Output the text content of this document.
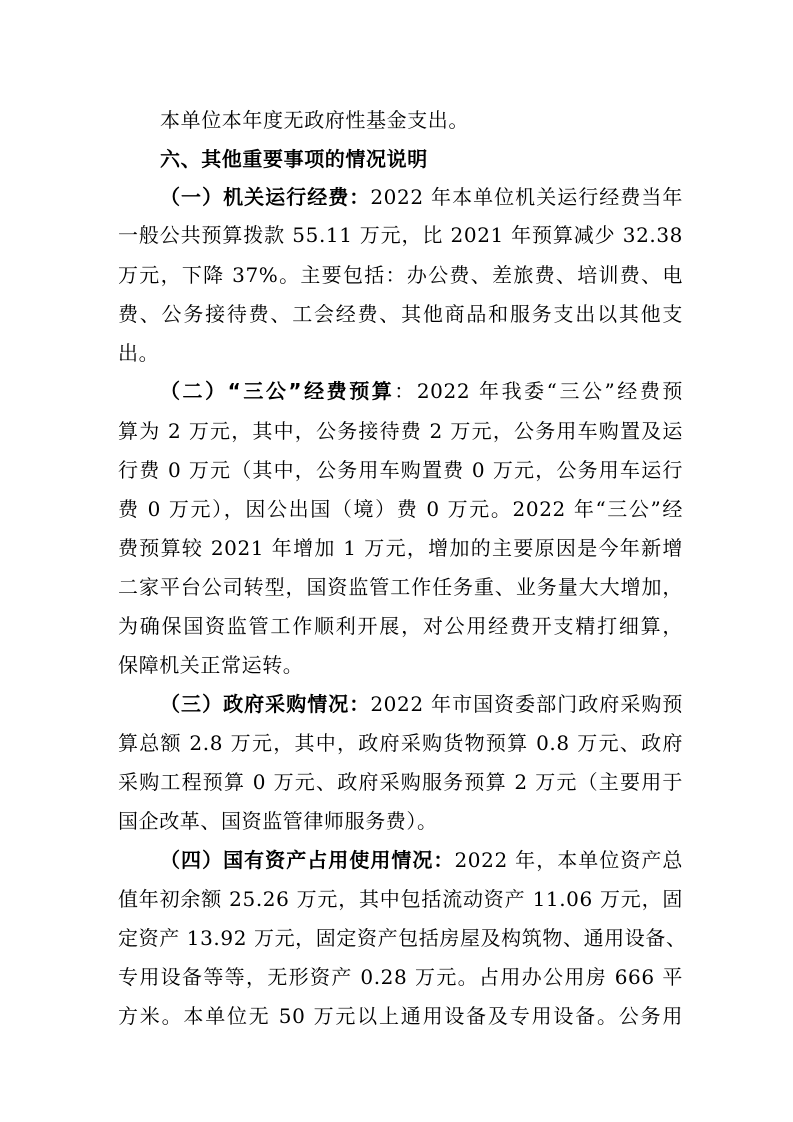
本单位本年度无政府性基金支出。
六、其他重要事项的情况说明
（一）机关运行经费：2022 年本单位机关运行经费当年
一般公共预算拨款 55.11 万元，比 2021 年预算减少 32.38
万元，下降 37%。主要包括：办公费、差旅费、培训费、电
费、公务接待费、工会经费、其他商品和服务支出以其他支
出。
（二）“三公”经费预算：2022 年我委“三公”经费预
算为 2 万元，其中，公务接待费 2 万元，公务用车购置及运
行费 0 万元（其中，公务用车购置费 0 万元，公务用车运行
费 0 万元），因公出国（境）费 0 万元。2022 年“三公”经
费预算较 2021 年增加 1 万元，增加的主要原因是今年新增
二家平台公司转型，国资监管工作任务重、业务量大大增加，
为确保国资监管工作顺利开展，对公用经费开支精打细算，
保障机关正常运转。
（三）政府采购情况：2022 年市国资委部门政府采购预
算总额 2.8 万元，其中，政府采购货物预算 0.8 万元、政府
采购工程预算 0 万元、政府采购服务预算 2 万元（主要用于
国企改革、国资监管律师服务费）。
（四）国有资产占用使用情况：2022 年，本单位资产总
值年初余额 25.26 万元，其中包括流动资产 11.06 万元，固
定资产 13.92 万元，固定资产包括房屋及构筑物、通用设备、
专用设备等等，无形资产 0.28 万元。占用办公用房 666 平
方米。本单位无 50 万元以上通用设备及专用设备。公务用
